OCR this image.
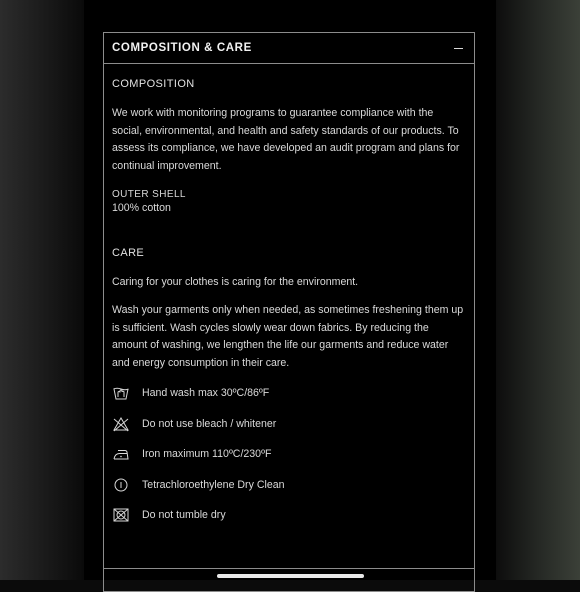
COMPOSITION & CARE
COMPOSITION

We work with monitoring programs to guarantee compliance with the social, environmental, and health and safety standards of our products. To assess its compliance, we have developed an audit program and plans for continual improvement.

OUTER SHELL
100% cotton
CARE

Caring for your clothes is caring for the environment.

Wash your garments only when needed, as sometimes freshening them up is sufficient. Wash cycles slowly wear down fabrics. By reducing the amount of washing, we lengthen the life our garments and reduce water and energy consumption in their care.

Hand wash max 30ºC/86ºF
Do not use bleach / whitener
Iron maximum 110ºC/230ºF
Tetrachloroethylene Dry Clean
Do not tumble dry
